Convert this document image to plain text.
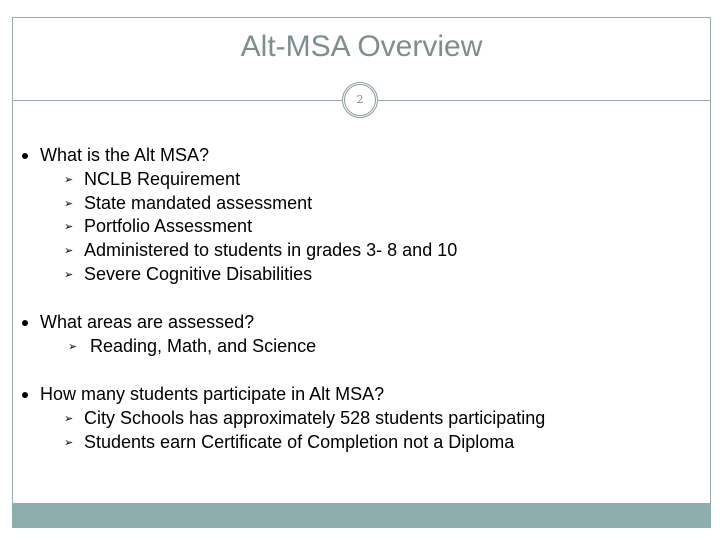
Alt-MSA Overview
2
What is the Alt MSA?
➢ NCLB Requirement
➢ State mandated assessment
➢ Portfolio Assessment
➢ Administered to students in grades 3- 8 and 10
➢ Severe Cognitive Disabilities
What areas are assessed?
➢ Reading, Math, and Science
How many students participate in Alt MSA?
➢ City Schools has approximately 528 students participating
➢ Students earn Certificate of Completion not a Diploma
